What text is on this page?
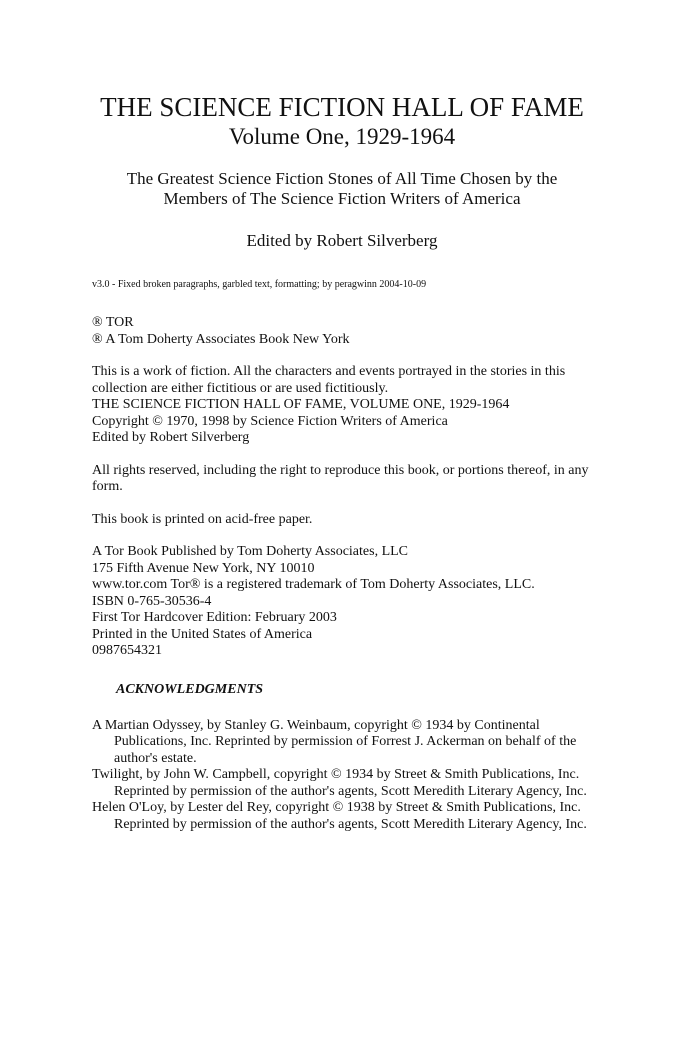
THE SCIENCE FICTION HALL OF FAME
Volume One, 1929-1964
The Greatest Science Fiction Stones of All Time Chosen by the Members of The Science Fiction Writers of America
Edited by Robert Silverberg
v3.0 - Fixed broken paragraphs, garbled text, formatting; by peragwinn 2004-10-09
® TOR
® A Tom Doherty Associates Book New York
This is a work of fiction. All the characters and events portrayed in the stories in this collection are either fictitious or are used fictitiously.
THE SCIENCE FICTION HALL OF FAME, VOLUME ONE, 1929-1964
Copyright © 1970, 1998 by Science Fiction Writers of America
Edited by Robert Silverberg
All rights reserved, including the right to reproduce this book, or portions thereof, in any form.
This book is printed on acid-free paper.
A Tor Book Published by Tom Doherty Associates, LLC
175 Fifth Avenue New York, NY 10010
www.tor.com Tor® is a registered trademark of Tom Doherty Associates, LLC.
ISBN 0-765-30536-4
First Tor Hardcover Edition: February 2003
Printed in the United States of America
0987654321
ACKNOWLEDGMENTS
A Martian Odyssey, by Stanley G. Weinbaum, copyright © 1934 by Continental Publications, Inc. Reprinted by permission of Forrest J. Ackerman on behalf of the author's estate.
Twilight, by John W. Campbell, copyright © 1934 by Street & Smith Publications, Inc. Reprinted by permission of the author's agents, Scott Meredith Literary Agency, Inc.
Helen O'Loy, by Lester del Rey, copyright © 1938 by Street & Smith Publications, Inc. Reprinted by permission of the author's agents, Scott Meredith Literary Agency, Inc.
